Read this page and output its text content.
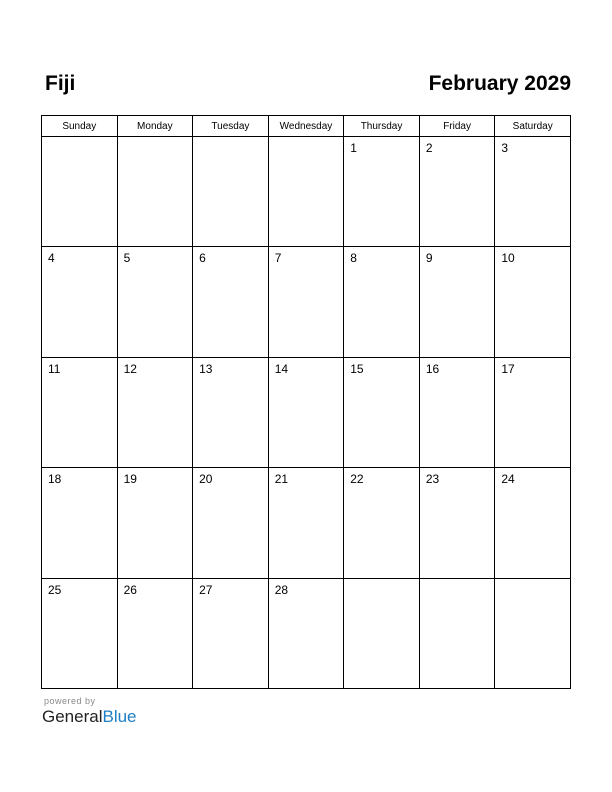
Fiji	February 2029
Sunday	Monday	Tuesday	Wednesday	Thursday	Friday	Saturday

				1	2	3

4	5	6	7	8	9	10

11	12	13	14	15	16	17

18	19	20	21	22	23	24

25	26	27	28			

powered by
GeneralBlue
